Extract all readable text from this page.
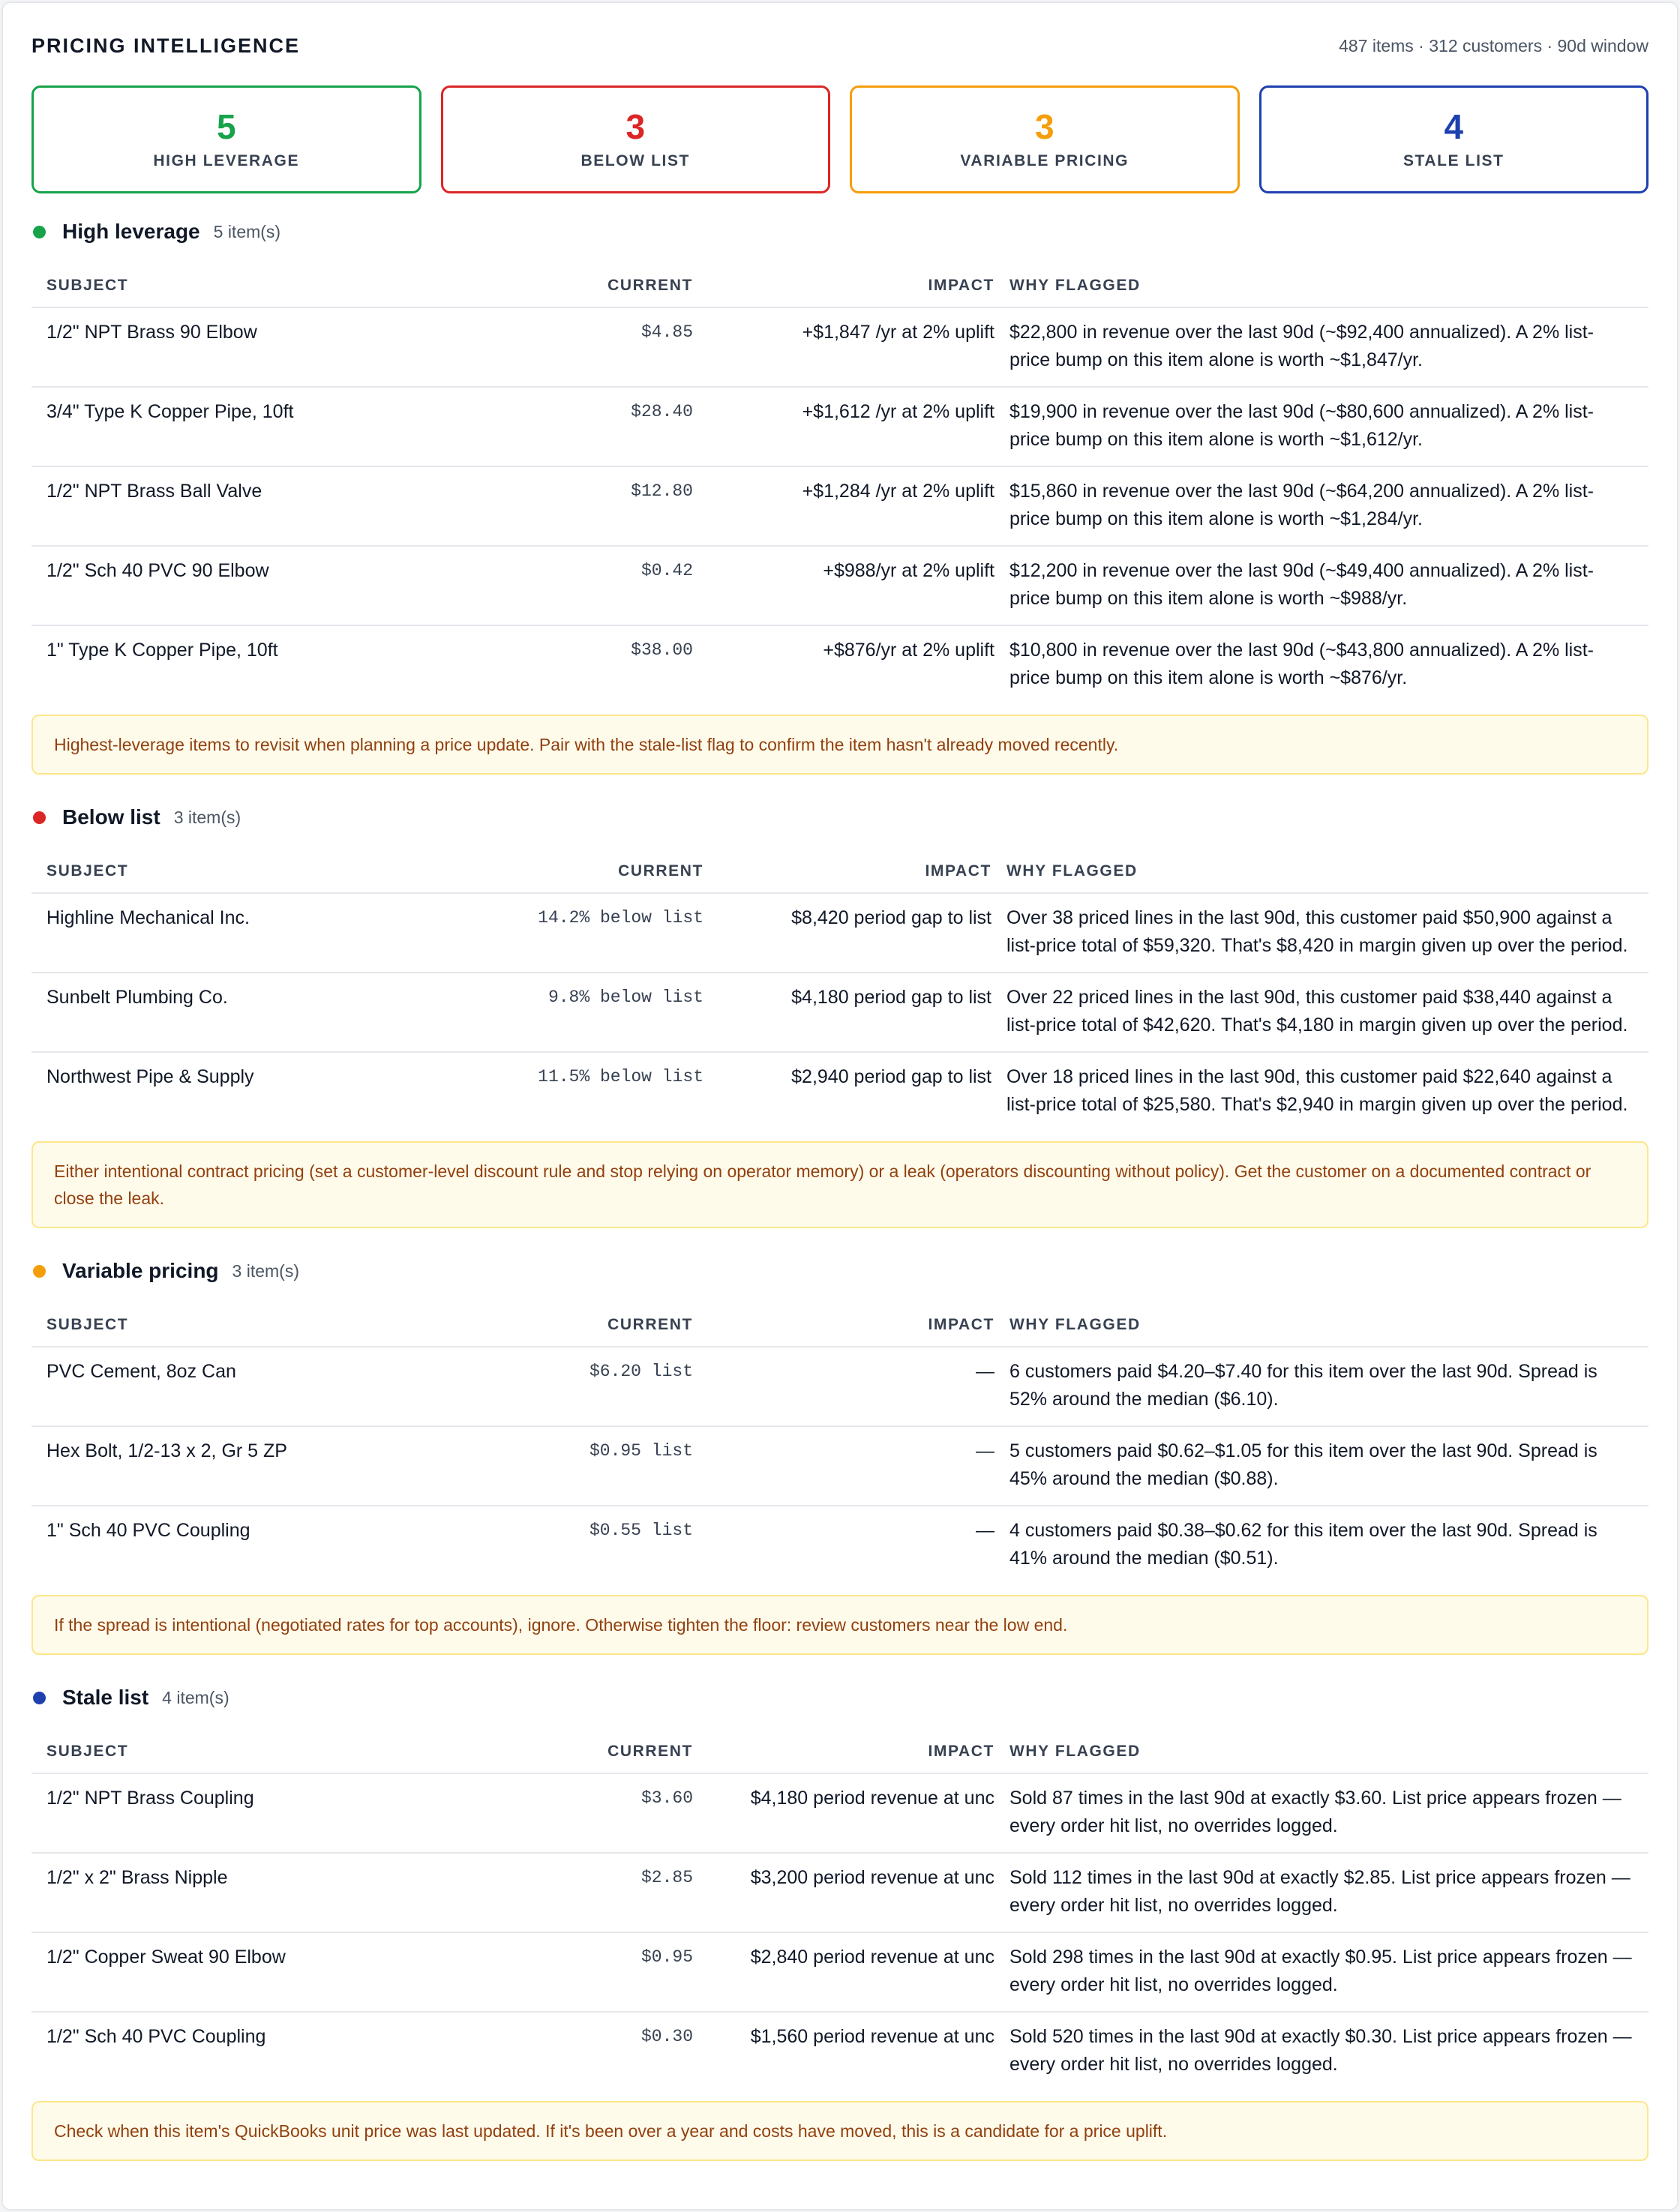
PRICING INTELLIGENCE	487 items · 312 customers · 90d window
5
HIGH LEVERAGE
3
BELOW LIST
3
VARIABLE PRICING
4
STALE LIST
High leverage 5 item(s)
SUBJECT	CURRENT	IMPACT	WHY FLAGGED
1/2" NPT Brass 90 Elbow	$4.85	+$1,847 /yr at 2% uplift	$22,800 in revenue over the last 90d (~$92,400 annualized). A 2% list-price bump on this item alone is worth ~$1,847/yr.
3/4" Type K Copper Pipe, 10ft	$28.40	+$1,612 /yr at 2% uplift	$19,900 in revenue over the last 90d (~$80,600 annualized). A 2% list-price bump on this item alone is worth ~$1,612/yr.
1/2" NPT Brass Ball Valve	$12.80	+$1,284 /yr at 2% uplift	$15,860 in revenue over the last 90d (~$64,200 annualized). A 2% list-price bump on this item alone is worth ~$1,284/yr.
1/2" Sch 40 PVC 90 Elbow	$0.42	+$988/yr at 2% uplift	$12,200 in revenue over the last 90d (~$49,400 annualized). A 2% list-price bump on this item alone is worth ~$988/yr.
1" Type K Copper Pipe, 10ft	$38.00	+$876/yr at 2% uplift	$10,800 in revenue over the last 90d (~$43,800 annualized). A 2% list-price bump on this item alone is worth ~$876/yr.
Highest-leverage items to revisit when planning a price update. Pair with the stale-list flag to confirm the item hasn't already moved recently.
Below list 3 item(s)
SUBJECT	CURRENT	IMPACT	WHY FLAGGED
Highline Mechanical Inc.	14.2% below list	$8,420 period gap to list	Over 38 priced lines in the last 90d, this customer paid $50,900 against a list-price total of $59,320. That's $8,420 in margin given up over the period.
Sunbelt Plumbing Co.	9.8% below list	$4,180 period gap to list	Over 22 priced lines in the last 90d, this customer paid $38,440 against a list-price total of $42,620. That's $4,180 in margin given up over the period.
Northwest Pipe & Supply	11.5% below list	$2,940 period gap to list	Over 18 priced lines in the last 90d, this customer paid $22,640 against a list-price total of $25,580. That's $2,940 in margin given up over the period.
Either intentional contract pricing (set a customer-level discount rule and stop relying on operator memory) or a leak (operators discounting without policy). Get the customer on a documented contract or close the leak.
Variable pricing 3 item(s)
SUBJECT	CURRENT	IMPACT	WHY FLAGGED
PVC Cement, 8oz Can	$6.20 list	—	6 customers paid $4.20–$7.40 for this item over the last 90d. Spread is 52% around the median ($6.10).
Hex Bolt, 1/2-13 x 2, Gr 5 ZP	$0.95 list	—	5 customers paid $0.62–$1.05 for this item over the last 90d. Spread is 45% around the median ($0.88).
1" Sch 40 PVC Coupling	$0.55 list	—	4 customers paid $0.38–$0.62 for this item over the last 90d. Spread is 41% around the median ($0.51).
If the spread is intentional (negotiated rates for top accounts), ignore. Otherwise tighten the floor: review customers near the low end.
Stale list 4 item(s)
SUBJECT	CURRENT	IMPACT	WHY FLAGGED
1/2" NPT Brass Coupling	$3.60	$4,180 period revenue at unc	Sold 87 times in the last 90d at exactly $3.60. List price appears frozen — every order hit list, no overrides logged.
1/2" x 2" Brass Nipple	$2.85	$3,200 period revenue at unc	Sold 112 times in the last 90d at exactly $2.85. List price appears frozen — every order hit list, no overrides logged.
1/2" Copper Sweat 90 Elbow	$0.95	$2,840 period revenue at unc	Sold 298 times in the last 90d at exactly $0.95. List price appears frozen — every order hit list, no overrides logged.
1/2" Sch 40 PVC Coupling	$0.30	$1,560 period revenue at unc	Sold 520 times in the last 90d at exactly $0.30. List price appears frozen — every order hit list, no overrides logged.
Check when this item's QuickBooks unit price was last updated. If it's been over a year and costs have moved, this is a candidate for a price uplift.
